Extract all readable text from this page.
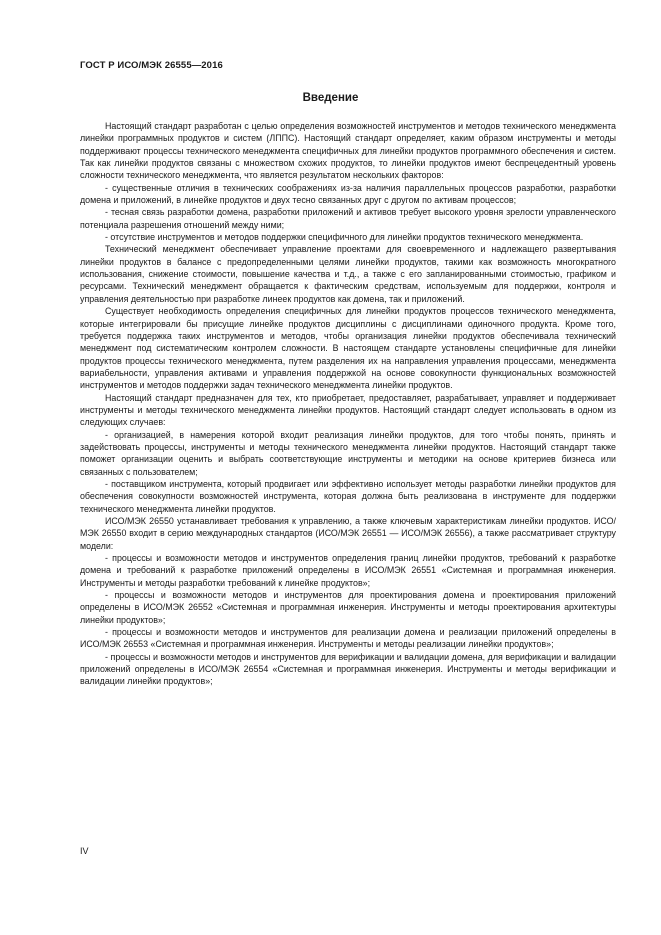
ГОСТ Р ИСО/МЭК 26555—2016
Введение

Настоящий стандарт разработан с целью определения возможностей инструментов и методов технического менеджмента линейки программных продуктов и систем (ЛППС). Настоящий стандарт определяет, каким образом инструменты и методы поддерживают процессы технического менеджмента специфичных для линейки продуктов программного обеспечения и систем. Так как линейки продуктов связаны с множеством схожих продуктов, то линейки продуктов имеют беспрецедентный уровень сложности технического менеджмента, что является результатом нескольких факторов:

- существенные отличия в технических соображениях из-за наличия параллельных процессов разработки, разработки домена и приложений, в линейке продуктов и двух тесно связанных друг с другом по активам процессов;

- тесная связь разработки домена, разработки приложений и активов требует высокого уровня зрелости управленческого потенциала разрешения отношений между ними;

- отсутствие инструментов и методов поддержки специфичного для линейки продуктов технического менеджмента.

Технический менеджмент обеспечивает управление проектами для своевременного и надлежащего развертывания линейки продуктов в балансе с предопределенными целями линейки продуктов, такими как возможность многократного использования, снижение стоимости, повышение качества и т.д., а также с его запланированными стоимостью, графиком и ресурсами. Технический менеджмент обращается к фактическим средствам, используемым для поддержки, контроля и управления деятельностью при разработке линеек продуктов как домена, так и приложений.

Существует необходимость определения специфичных для линейки продуктов процессов технического менеджмента, которые интегрировали бы присущие линейке продуктов дисциплины с дисциплинами одиночного продукта. Кроме того, требуется поддержка таких инструментов и методов, чтобы организация линейки продуктов обеспечивала технический менеджмент под систематическим контролем сложности. В настоящем стандарте установлены специфичные для линейки продуктов процессы технического менеджмента, путем разделения их на направления управления процессами, менеджмента вариабельности, управления активами и управления поддержкой на основе совокупности функциональных возможностей инструментов и методов поддержки задач технического менеджмента линейки продуктов.

Настоящий стандарт предназначен для тех, кто приобретает, предоставляет, разрабатывает, управляет и поддерживает инструменты и методы технического менеджмента линейки продуктов. Настоящий стандарт следует использовать в одном из следующих случаев:

- организацией, в намерения которой входит реализация линейки продуктов, для того чтобы понять, принять и задействовать процессы, инструменты и методы технического менеджмента линейки продуктов. Настоящий стандарт также поможет организации оценить и выбрать соответствующие инструменты и методики на основе критериев бизнеса или связанных с пользователем;

- поставщиком инструмента, который продвигает или эффективно использует методы разработки линейки продуктов для обеспечения совокупности возможностей инструмента, которая должна быть реализована в инструменте для поддержки технического менеджмента линейки продуктов.

ИСО/МЭК 26550 устанавливает требования к управлению, а также ключевым характеристикам линейки продуктов. ИСО/МЭК 26550 входит в серию международных стандартов (ИСО/МЭК 26551 — ИСО/МЭК 26556), а также рассматривает структуру модели:

- процессы и возможности методов и инструментов определения границ линейки продуктов, требований к разработке домена и требований к разработке приложений определены в ИСО/МЭК 26551 «Системная и программная инженерия. Инструменты и методы разработки требований к линейке продуктов»;

- процессы и возможности методов и инструментов для проектирования домена и проектирования приложений определены в ИСО/МЭК 26552 «Системная и программная инженерия. Инструменты и методы проектирования архитектуры линейки продуктов»;

- процессы и возможности методов и инструментов для реализации домена и реализации приложений определены в ИСО/МЭК 26553 «Системная и программная инженерия. Инструменты и методы реализации линейки продуктов»;

- процессы и возможности методов и инструментов для верификации и валидации домена, для верификации и валидации приложений определены в ИСО/МЭК 26554 «Системная и программная инженерия. Инструменты и методы верификации и валидации линейки продуктов»;

IV
